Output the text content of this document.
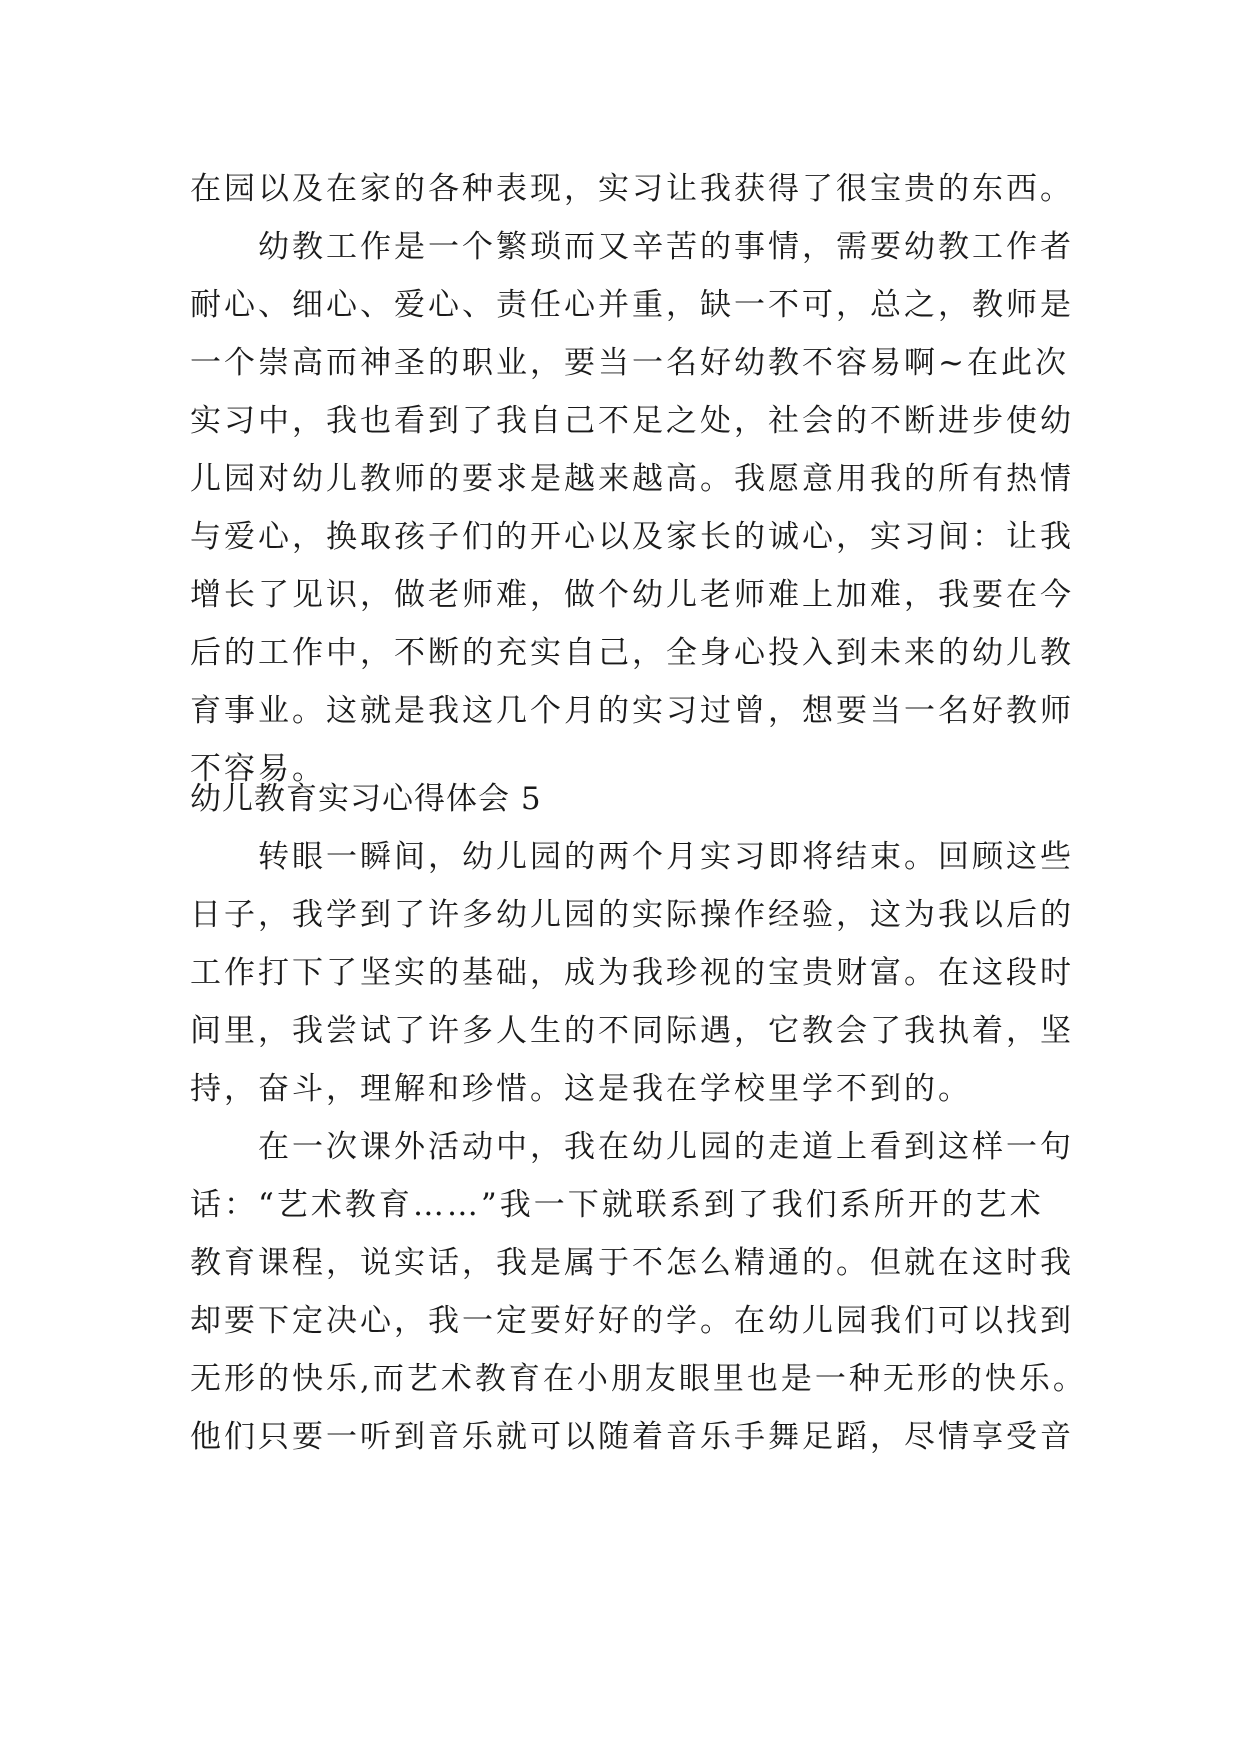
在园以及在家的各种表现，实习让我获得了很宝贵的东西。
　　幼教工作是一个繁琐而又辛苦的事情，需要幼教工作者
耐心、细心、爱心、责任心并重，缺一不可，总之，教师是
一个崇高而神圣的职业，要当一名好幼教不容易啊~在此次
实习中，我也看到了我自己不足之处，社会的不断进步使幼
儿园对幼儿教师的要求是越来越高。我愿意用我的所有热情
与爱心，换取孩子们的开心以及家长的诚心，实习间：让我
增长了见识，做老师难，做个幼儿老师难上加难，我要在今
后的工作中，不断的充实自己，全身心投入到未来的幼儿教
育事业。这就是我这几个月的实习过曾，想要当一名好教师
不容易。
幼儿教育实习心得体会 5
　　转眼一瞬间，幼儿园的两个月实习即将结束。回顾这些
日子，我学到了许多幼儿园的实际操作经验，这为我以后的
工作打下了坚实的基础，成为我珍视的宝贵财富。在这段时
间里，我尝试了许多人生的不同际遇，它教会了我执着，坚
持，奋斗，理解和珍惜。这是我在学校里学不到的。
　　在一次课外活动中，我在幼儿园的走道上看到这样一句
话：“艺术教育……”我一下就联系到了我们系所开的艺术
教育课程，说实话，我是属于不怎么精通的。但就在这时我
却要下定决心，我一定要好好的学。在幼儿园我们可以找到
无形的快乐,而艺术教育在小朋友眼里也是一种无形的快乐。
他们只要一听到音乐就可以随着音乐手舞足蹈，尽情享受音
